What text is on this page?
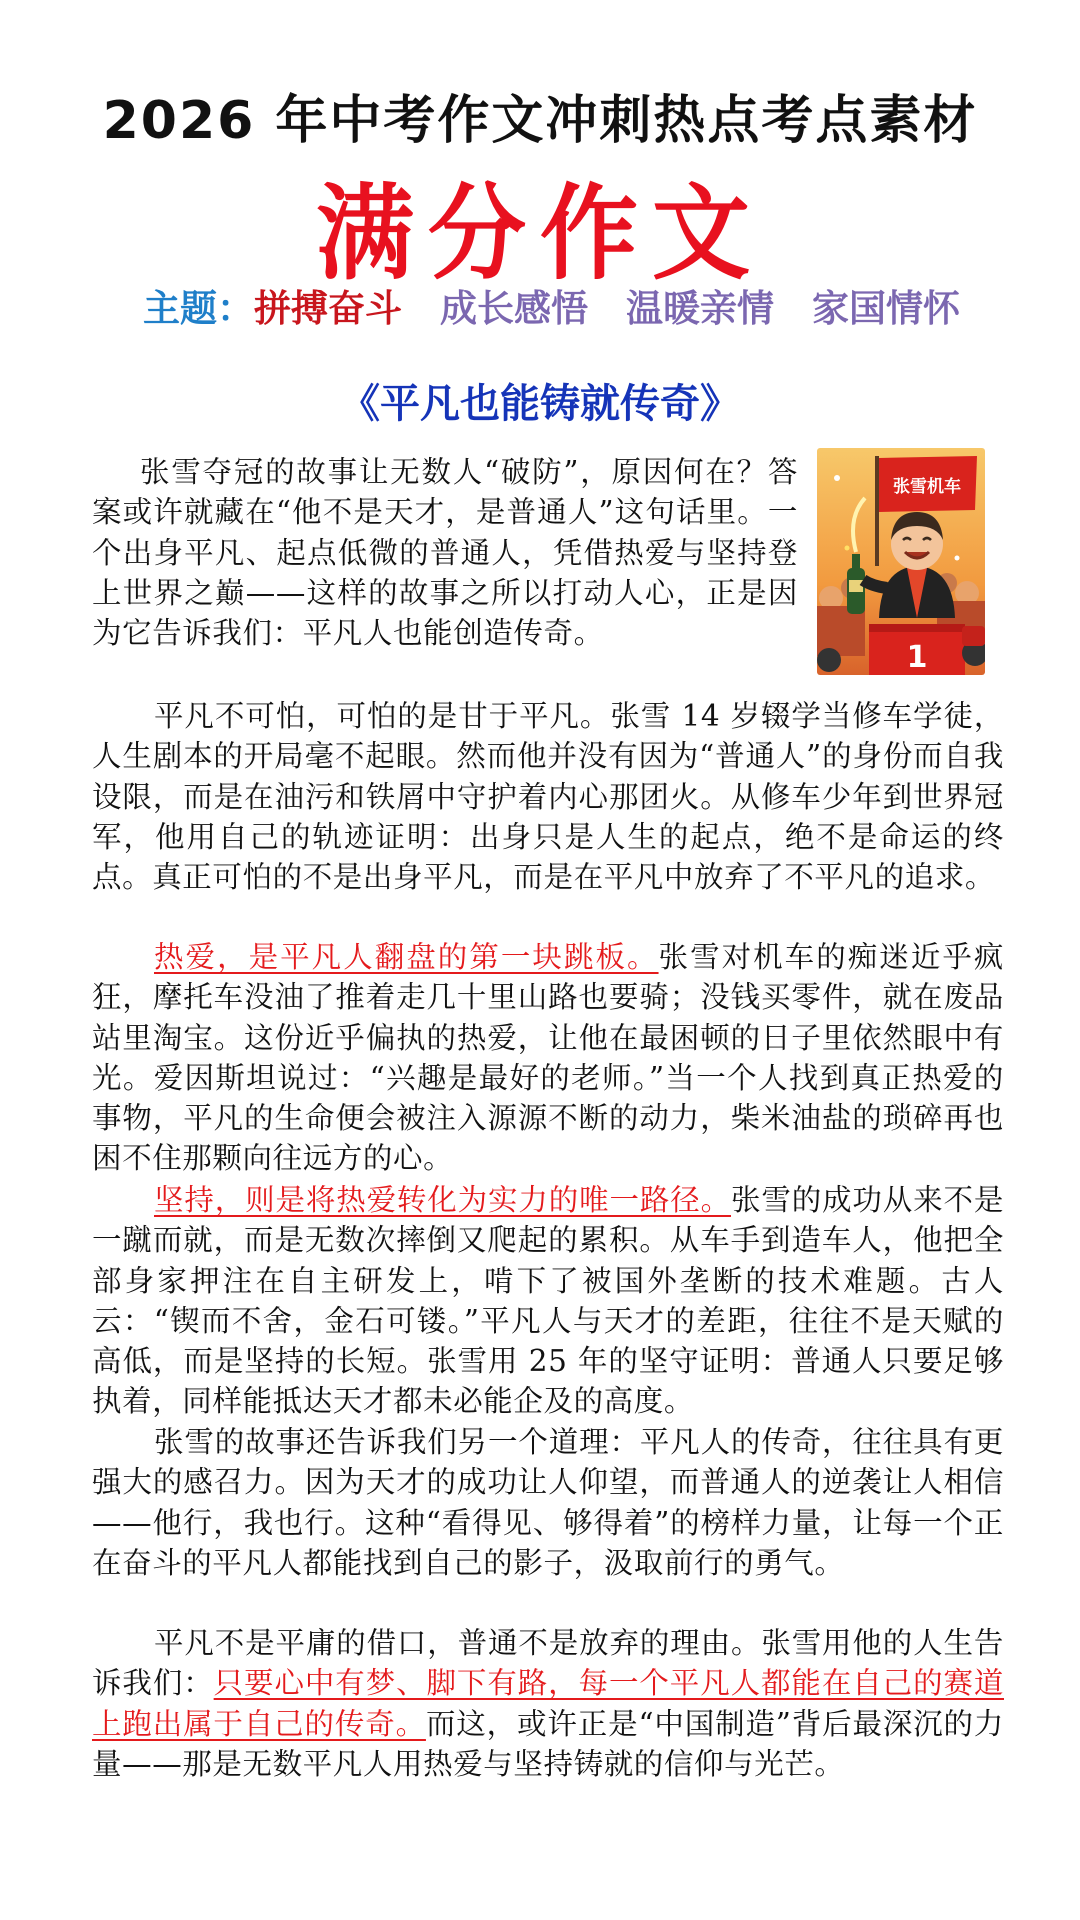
2026 年中考作文冲刺热点考点素材
满分作文
主题：拼搏奋斗 成长感悟 温暖亲情 家国情怀
《平凡也能铸就传奇》
张雪机车
1

张雪夺冠的故事让无数人“破防”，原因何在？答案或许就藏在“他不是天才，是普通人”这句话里。一个出身平凡、起点低微的普通人，凭借热爱与坚持登上世界之巅——这样的故事之所以打动人心，正是因为它告诉我们：平凡人也能创造传奇。

平凡不可怕，可怕的是甘于平凡。张雪 14 岁辍学当修车学徒，人生剧本的开局毫不起眼。然而他并没有因为“普通人”的身份而自我设限，而是在油污和铁屑中守护着内心那团火。从修车少年到世界冠军，他用自己的轨迹证明：出身只是人生的起点，绝不是命运的终点。真正可怕的不是出身平凡，而是在平凡中放弃了不平凡的追求。

热爱，是平凡人翻盘的第一块跳板。张雪对机车的痴迷近乎疯狂，摩托车没油了推着走几十里山路也要骑；没钱买零件，就在废品站里淘宝。这份近乎偏执的热爱，让他在最困顿的日子里依然眼中有光。爱因斯坦说过：“兴趣是最好的老师。”当一个人找到真正热爱的事物，平凡的生命便会被注入源源不断的动力，柴米油盐的琐碎再也困不住那颗向往远方的心。

坚持，则是将热爱转化为实力的唯一路径。张雪的成功从来不是一蹴而就，而是无数次摔倒又爬起的累积。从车手到造车人，他把全部身家押注在自主研发上，啃下了被国外垄断的技术难题。古人云：“锲而不舍，金石可镂。”平凡人与天才的差距，往往不是天赋的高低，而是坚持的长短。张雪用 25 年的坚守证明：普通人只要足够执着，同样能抵达天才都未必能企及的高度。

张雪的故事还告诉我们另一个道理：平凡人的传奇，往往具有更强大的感召力。因为天才的成功让人仰望，而普通人的逆袭让人相信——他行，我也行。这种“看得见、够得着”的榜样力量，让每一个正在奋斗的平凡人都能找到自己的影子，汲取前行的勇气。

平凡不是平庸的借口，普通不是放弃的理由。张雪用他的人生告诉我们：只要心中有梦、脚下有路，每一个平凡人都能在自己的赛道上跑出属于自己的传奇。而这，或许正是“中国制造”背后最深沉的力量——那是无数平凡人用热爱与坚持铸就的信仰与光芒。
